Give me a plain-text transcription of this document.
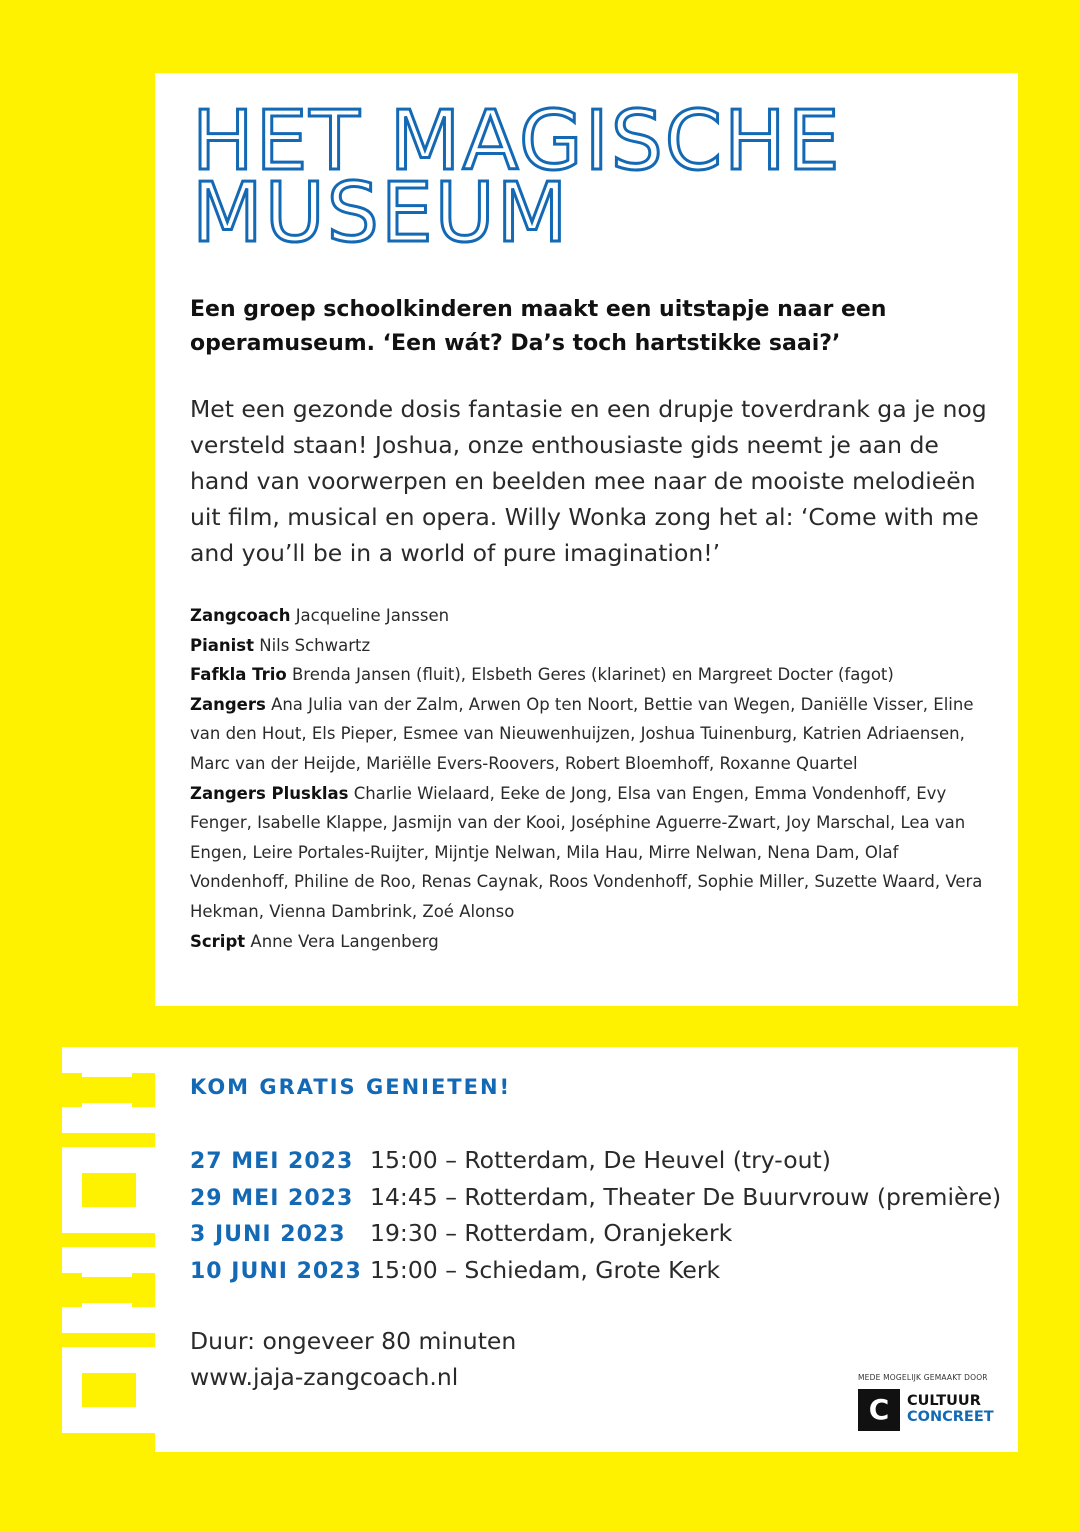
HET MAGISCHE
MUSEUM
Een groep schoolkinderen maakt een uitstapje naar een operamuseum. ‘Een wát? Da’s toch hartstikke saai?’
Met een gezonde dosis fantasie en een drupje toverdrank ga je nog versteld staan! Joshua, onze enthousiaste gids neemt je aan de hand van voorwerpen en beelden mee naar de mooiste melodieën uit film, musical en opera. Willy Wonka zong het al: ‘Come with me and you’ll be in a world of pure imagination!’
Zangcoach Jacqueline Janssen
Pianist Nils Schwartz
Fafkla Trio Brenda Jansen (fluit), Elsbeth Geres (klarinet) en Margreet Docter (fagot)
Zangers Ana Julia van der Zalm, Arwen Op ten Noort, Bettie van Wegen, Daniëlle Visser, Eline van den Hout, Els Pieper, Esmee van Nieuwenhuijzen, Joshua Tuinenburg, Katrien Adriaensen, Marc van der Heijde, Mariëlle Evers-Roovers, Robert Bloemhoff, Roxanne Quartel
Zangers Plusklas Charlie Wielaard, Eeke de Jong, Elsa van Engen, Emma Vondenhoff, Evy Fenger, Isabelle Klappe, Jasmijn van der Kooi, Joséphine Aguerre-Zwart, Joy Marschal, Lea van Engen, Leire Portales-Ruijter, Mijntje Nelwan, Mila Hau, Mirre Nelwan, Nena Dam, Olaf Vondenhoff, Philine de Roo, Renas Caynak, Roos Vondenhoff, Sophie Miller, Suzette Waard, Vera Hekman, Vienna Dambrink, Zoé Alonso
Script Anne Vera Langenberg
KOM GRATIS GENIETEN!
27 MEI 2023 15:00 – Rotterdam, De Heuvel (try-out)
29 MEI 2023 14:45 – Rotterdam, Theater De Buurvrouw (première)
3 JUNI 2023 19:30 – Rotterdam, Oranjekerk
10 JUNI 2023 15:00 – Schiedam, Grote Kerk
Duur: ongeveer 80 minuten
www.jaja-zangcoach.nl	MEDE MOGELIJK GEMAAKT DOOR
C	CULTUUR
CONCREET
